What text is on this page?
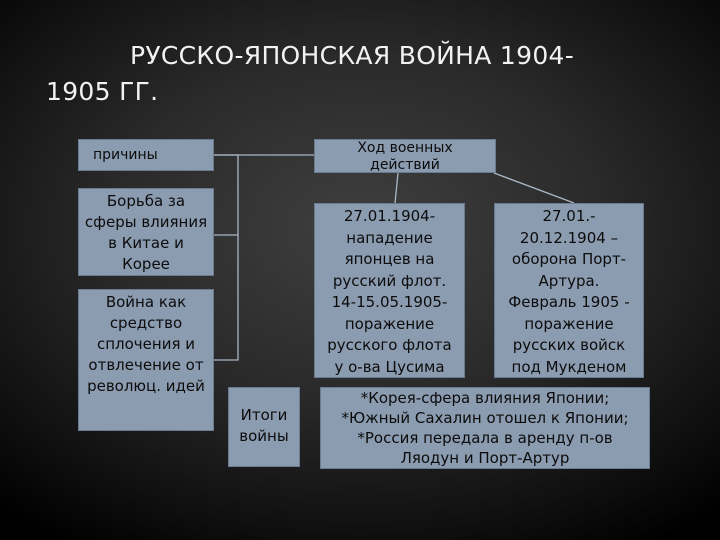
РУССКО-ЯПОНСКАЯ ВОЙНА 1904-
1905 ГГ.
причины	Ход военных действий
Борьба за сферы влияния в Китае и Корее
Война как средство сплочения и отвлечение от революц. идей
27.01.1904- нападение японцев на русский флот. 14-15.05.1905- поражение русского флота у о-ва Цусима
27.01.- 20.12.1904 – оборона Порт-Артура. Февраль 1905 - поражение русских войск под Мукденом
Итоги войны
*Корея-сфера влияния Японии; *Южный Сахалин отошел к Японии; *Россия передала в аренду п-ов Ляодун и Порт-Артур
